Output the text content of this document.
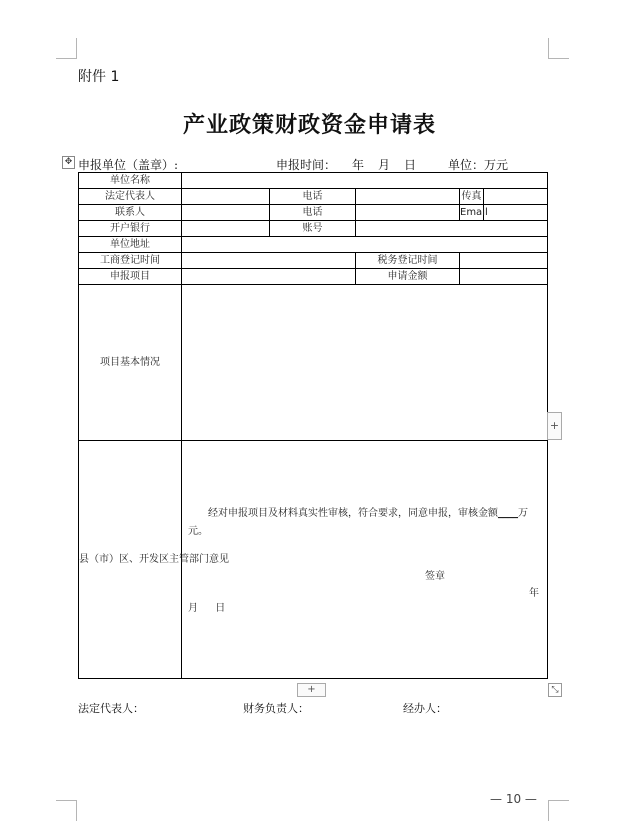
附件 1
产业政策财政资金申请表
✥ 申报单位（盖章）:	申报时间： 年 月 日	单位：万元
单位名称					
法定代表人		电话		传真	
联系人		电话		Email	
开户银行		账号			
单位地址					
工商登记时间			税务登记时间		
申报项目			申请金额		
项目基本情况					
县（市）区、开发区主管部门意见	经对申报项目及材料真实性审核，符合要求，同意申报，审核金额____万元。
签章
年
月 日				
+
+	⤡
法定代表人：	财务负责人：	经办人：
— 10 —
